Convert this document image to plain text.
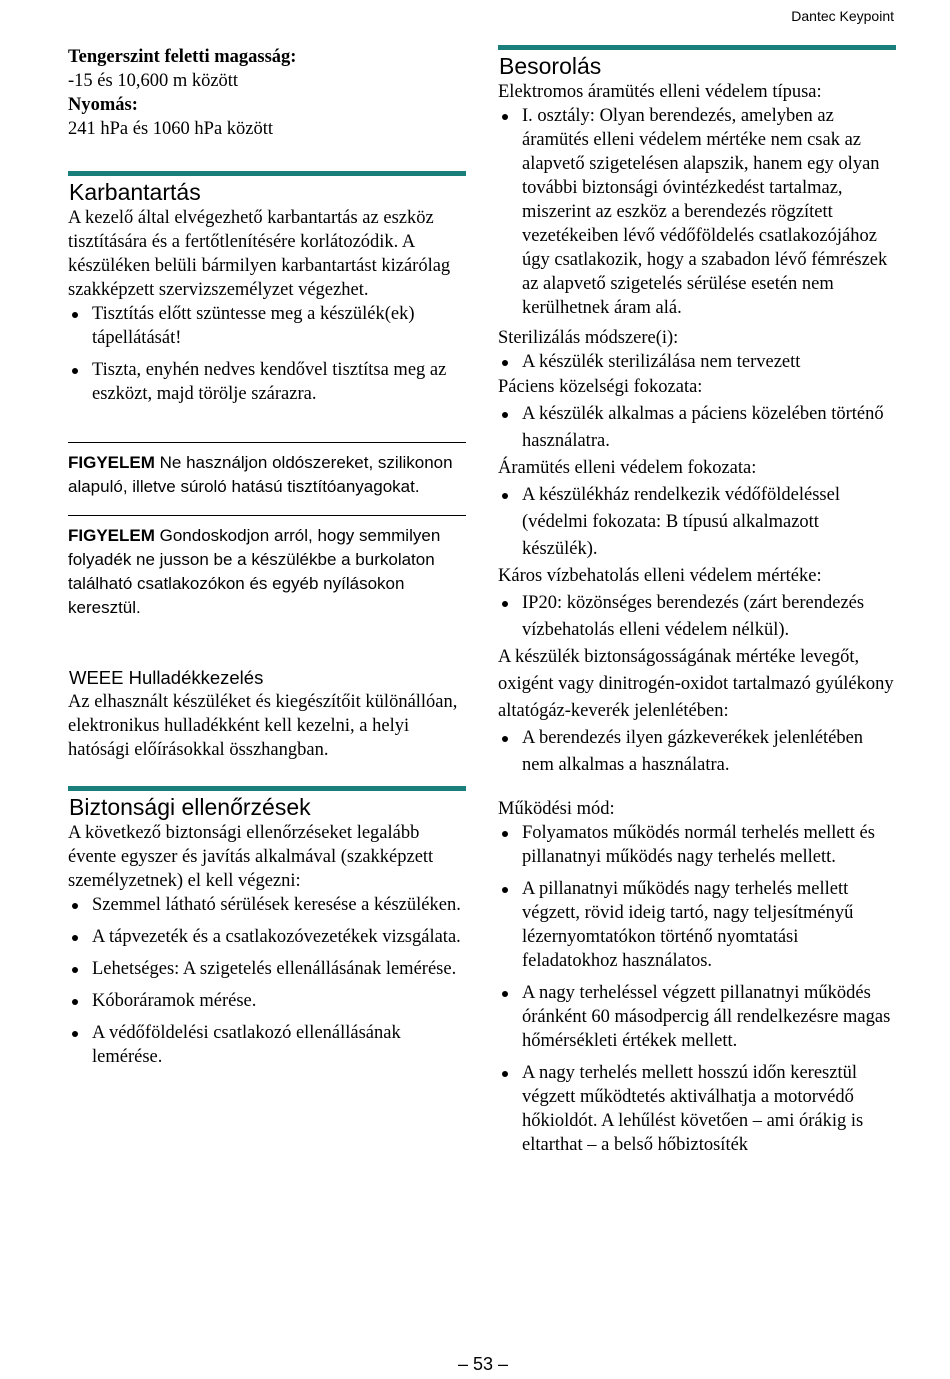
Dantec Keypoint
Tengerszint feletti magasság:
-15 és 10,600 m között
Nyomás:
241 hPa és 1060 hPa között
Karbantartás
A kezelő által elvégezhető karbantartás az eszköz tisztítására és a fertőtlenítésére korlátozódik. A készüléken belüli bármilyen karbantartást kizárólag szakképzett szervizszemélyzet végezhet.
Tisztítás előtt szüntesse meg a készülék(ek) tápellátását!
Tiszta, enyhén nedves kendővel tisztítsa meg az eszközt, majd törölje szárazra.
FIGYELEM Ne használjon oldószereket, szilikonon alapuló, illetve súroló hatású tisztítóanyagokat.
FIGYELEM Gondoskodjon arról, hogy semmilyen folyadék ne jusson be a készülékbe a burkolaton található csatlakozókon és egyéb nyílásokon keresztül.
WEEE Hulladékkezelés
Az elhasznált készüléket és kiegészítőit különállóan, elektronikus hulladékként kell kezelni, a helyi hatósági előírásokkal összhangban.
Biztonsági ellenőrzések
A következő biztonsági ellenőrzéseket legalább évente egyszer és javítás alkalmával (szakképzett személyzetnek) el kell végezni:
Szemmel látható sérülések keresése a készüléken.
A tápvezeték és a csatlakozóvezetékek vizsgálata.
Lehetséges: A szigetelés ellenállásának lemérése.
Kóboráramok mérése.
A védőföldelési csatlakozó ellenállásának lemérése.
Besorolás
Elektromos áramütés elleni védelem típusa:
I. osztály: Olyan berendezés, amelyben az áramütés elleni védelem mértéke nem csak az alapvető szigetelésen alapszik, hanem egy olyan további biztonsági óvintézkedést tartalmaz, miszerint az eszköz a berendezés rögzített vezetékeiben lévő védőföldelés csatlakozójához úgy csatlakozik, hogy a szabadon lévő fémrészek az alapvető szigetelés sérülése esetén nem kerülhetnek áram alá.
Sterilizálás módszere(i):
A készülék sterilizálása nem tervezett
Páciens közelségi fokozata:
A készülék alkalmas a páciens közelében történő használatra.
Áramütés elleni védelem fokozata:
A készülékház rendelkezik védőföldeléssel (védelmi fokozata: B típusú alkalmazott készülék).
Káros vízbehatolás elleni védelem mértéke:
IP20: közönséges berendezés (zárt berendezés vízbehatolás elleni védelem nélkül).
A készülék biztonságosságának mértéke levegőt, oxigént vagy dinitrogén-oxidot tartalmazó gyúlékony altatógáz-keverék jelenlétében:
A berendezés ilyen gázkeverékek jelenlétében nem alkalmas a használatra.
Működési mód:
Folyamatos működés normál terhelés mellett és pillanatnyi működés nagy terhelés mellett.
A pillanatnyi működés nagy terhelés mellett végzett, rövid ideig tartó, nagy teljesítményű lézernyomtatókon történő nyomtatási feladatokhoz használatos.
A nagy terheléssel végzett pillanatnyi működés óránként 60 másodpercig áll rendelkezésre magas hőmérsékleti értékek mellett.
A nagy terhelés mellett hosszú időn keresztül végzett működtetés aktiválhatja a motorvédő hőkioldót. A lehűlést követően – ami órákig is eltarthat – a belső hőbiztosíték
– 53 –
